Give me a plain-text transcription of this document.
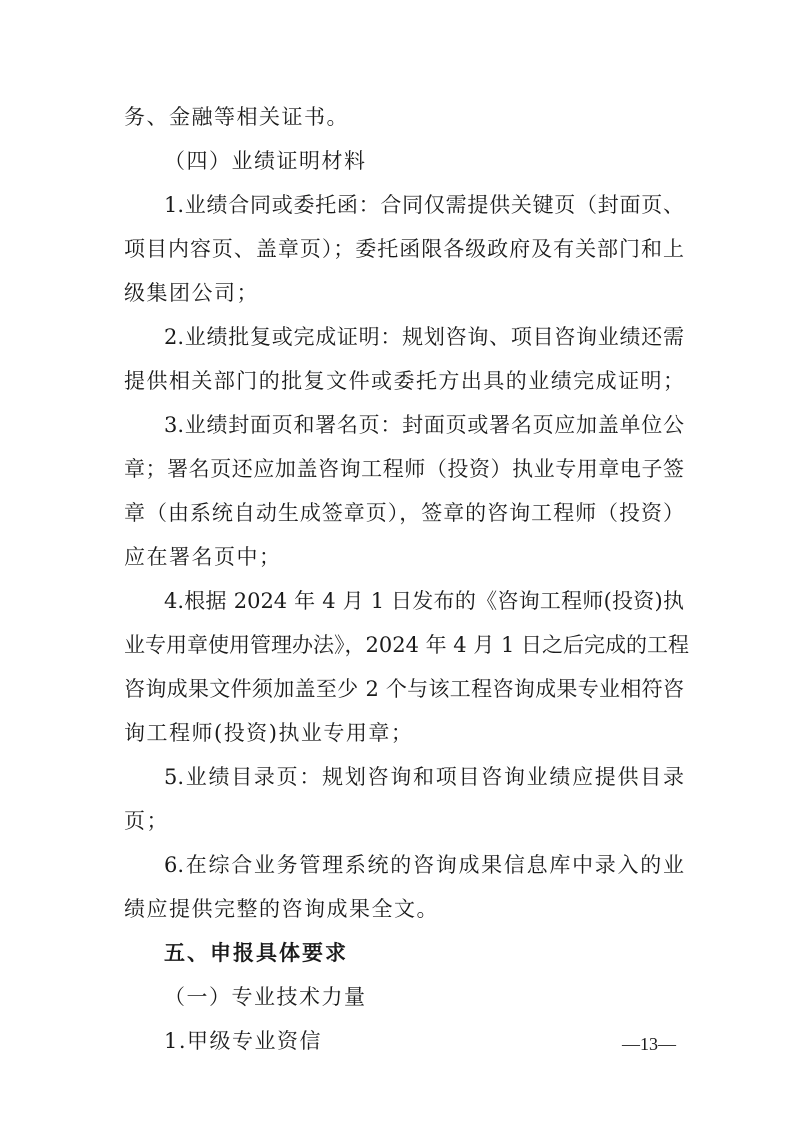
务、金融等相关证书。
（四）业绩证明材料
1.业绩合同或委托函：合同仅需提供关键页（封面页、
项目内容页、盖章页）；委托函限各级政府及有关部门和上
级集团公司；
2.业绩批复或完成证明：规划咨询、项目咨询业绩还需
提供相关部门的批复文件或委托方出具的业绩完成证明；
3.业绩封面页和署名页：封面页或署名页应加盖单位公
章；署名页还应加盖咨询工程师（投资）执业专用章电子签
章（由系统自动生成签章页），签章的咨询工程师（投资）
应在署名页中；
4.根据 2024 年 4 月 1 日发布的《咨询工程师(投资)执
业专用章使用管理办法》，2024 年 4 月 1 日之后完成的工程
咨询成果文件须加盖至少 2 个与该工程咨询成果专业相符咨
询工程师(投资)执业专用章；
5.业绩目录页：规划咨询和项目咨询业绩应提供目录
页；
6.在综合业务管理系统的咨询成果信息库中录入的业
绩应提供完整的咨询成果全文。
五、申报具体要求
（一）专业技术力量
1.甲级专业资信	—13—
